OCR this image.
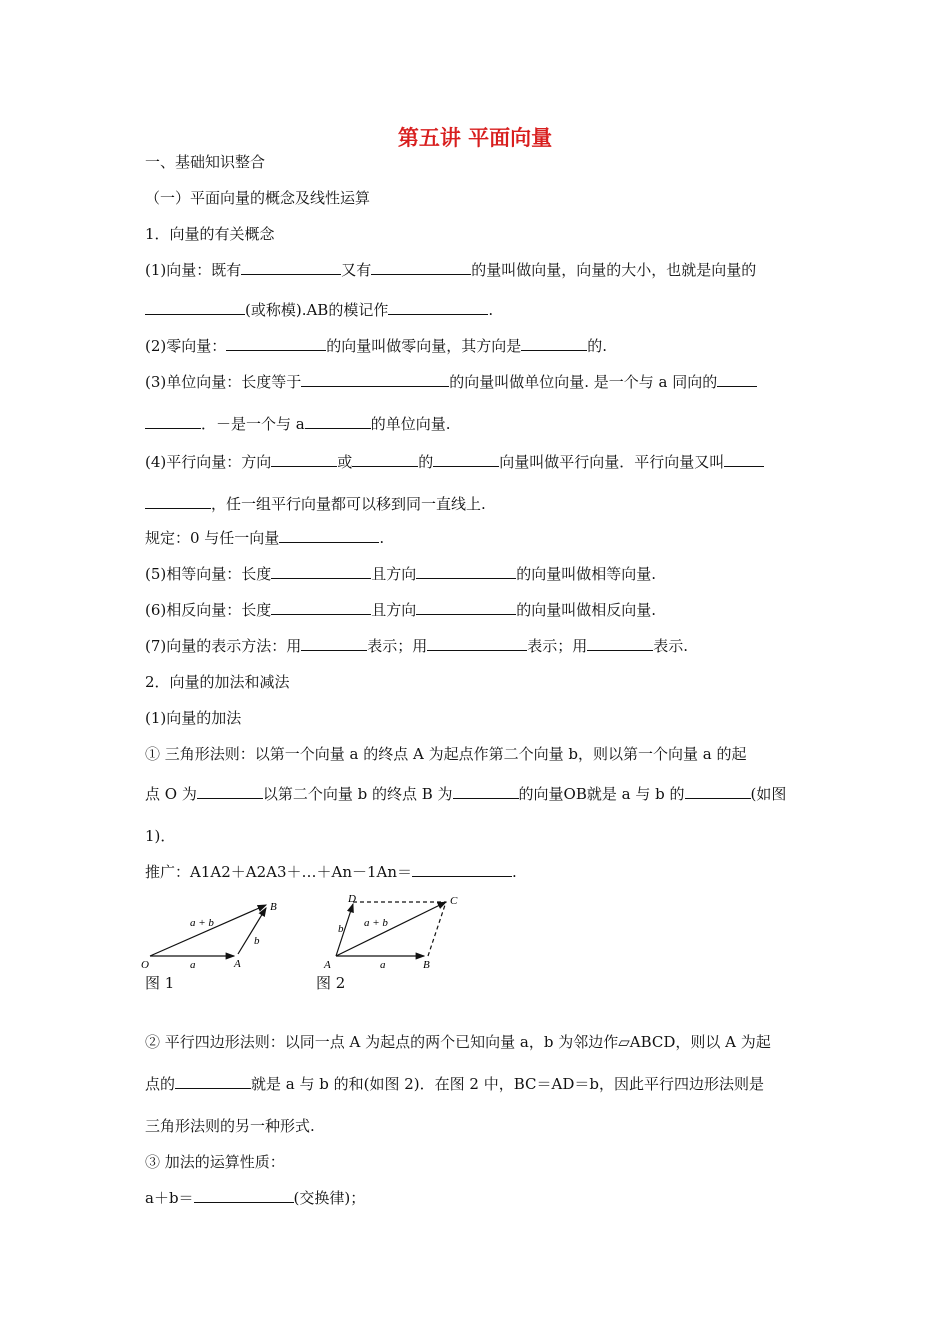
第五讲 平面向量
一、基础知识整合
（一）平面向量的概念及线性运算
1．向量的有关概念
(1)向量：既有	又有	的量叫做向量，向量的大小，也就是向量的
(或称模).AB的模记作	.
(2)零向量：	的向量叫做零向量，其方向是	的.
(3)单位向量：长度等于	的向量叫做单位向量. 是一个与 a 同向的
．－是一个与 a	的单位向量.
(4)平行向量：方向	或	的	向量叫做平行向量．平行向量又叫
，任一组平行向量都可以移到同一直线上.
规定：0 与任一向量	.
(5)相等向量：长度	且方向	的向量叫做相等向量.
(6)相反向量：长度	且方向	的向量叫做相反向量.
(7)向量的表示方法：用	表示；用	表示；用	表示.
2．向量的加法和减法
(1)向量的加法
① 三角形法则：以第一个向量 a 的终点 A 为起点作第二个向量 b，则以第一个向量 a 的起
点 O 为	以第二个向量 b 的终点 B 为	的向量OB就是 a 与 b 的	(如图
1)．
推广：A1A2＋A2A3＋…＋An－1An＝	.
O	A
B
a
b
a + b
图 1
A	B
C
D
a
b a + b
图 2
② 平行四边形法则：以同一点 A 为起点的两个已知向量 a，b 为邻边作▱ABCD，则以 A 为起
点的	就是 a 与 b 的和(如图 2)．在图 2 中，BC＝AD＝b，因此平行四边形法则是
三角形法则的另一种形式.
③ 加法的运算性质：
a＋b＝	(交换律)；
